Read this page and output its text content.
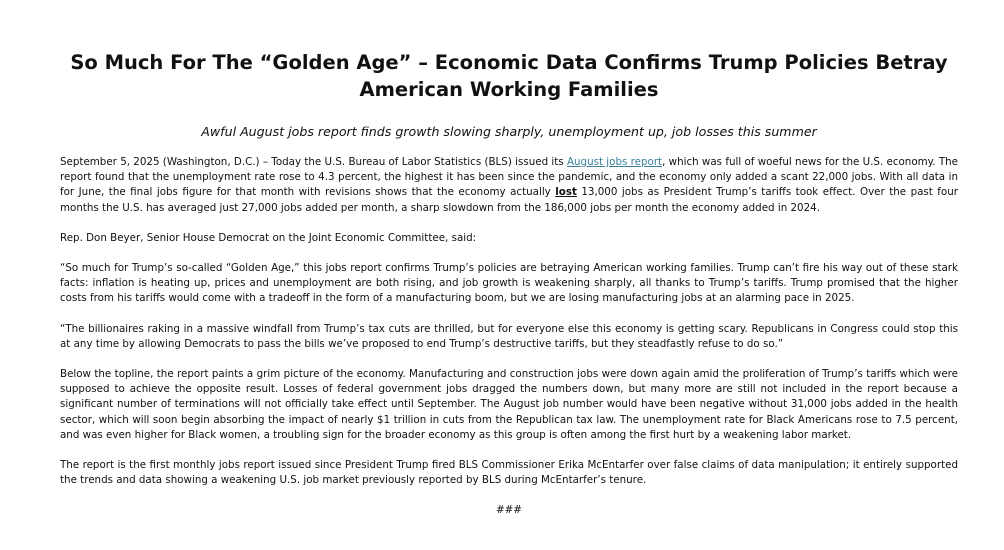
So Much For The “Golden Age” – Economic Data Confirms Trump Policies Betray American Working Families

Awful August jobs report finds growth slowing sharply, unemployment up, job losses this summer

September 5, 2025 (Washington, D.C.) – Today the U.S. Bureau of Labor Statistics (BLS) issued its August jobs report, which was full of woeful news for the U.S. economy. The report found that the unemployment rate rose to 4.3 percent, the highest it has been since the pandemic, and the economy only added a scant 22,000 jobs. With all data in for June, the final jobs figure for that month with revisions shows that the economy actually lost 13,000 jobs as President Trump’s tariffs took effect. Over the past four months the U.S. has averaged just 27,000 jobs added per month, a sharp slowdown from the 186,000 jobs per month the economy added in 2024.

Rep. Don Beyer, Senior House Democrat on the Joint Economic Committee, said:

“So much for Trump’s so-called “Golden Age,” this jobs report confirms Trump’s policies are betraying American working families. Trump can’t fire his way out of these stark facts: inflation is heating up, prices and unemployment are both rising, and job growth is weakening sharply, all thanks to Trump’s tariffs. Trump promised that the higher costs from his tariffs would come with a tradeoff in the form of a manufacturing boom, but we are losing manufacturing jobs at an alarming pace in 2025.

“The billionaires raking in a massive windfall from Trump’s tax cuts are thrilled, but for everyone else this economy is getting scary. Republicans in Congress could stop this at any time by allowing Democrats to pass the bills we’ve proposed to end Trump’s destructive tariffs, but they steadfastly refuse to do so.”

Below the topline, the report paints a grim picture of the economy. Manufacturing and construction jobs were down again amid the proliferation of Trump’s tariffs which were supposed to achieve the opposite result. Losses of federal government jobs dragged the numbers down, but many more are still not included in the report because a significant number of terminations will not officially take effect until September. The August job number would have been negative without 31,000 jobs added in the health sector, which will soon begin absorbing the impact of nearly $1 trillion in cuts from the Republican tax law. The unemployment rate for Black Americans rose to 7.5 percent, and was even higher for Black women, a troubling sign for the broader economy as this group is often among the first hurt by a weakening labor market.

The report is the first monthly jobs report issued since President Trump fired BLS Commissioner Erika McEntarfer over false claims of data manipulation; it entirely supported the trends and data showing a weakening U.S. job market previously reported by BLS during McEntarfer’s tenure.

###
